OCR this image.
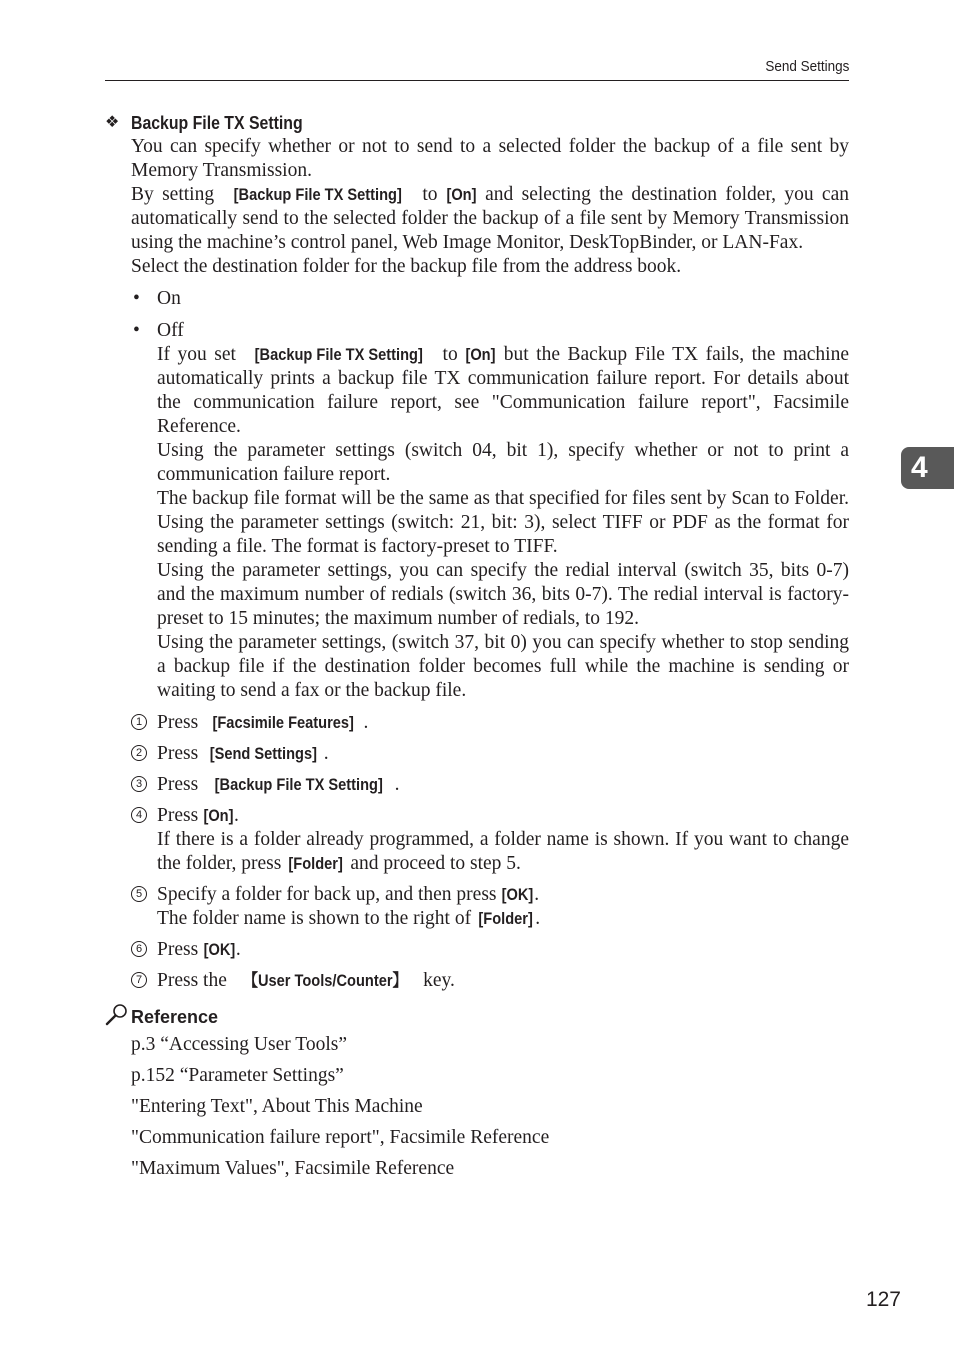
Send Settings
4
❖ Backup File TX Setting

You can specify whether or not to send to a selected folder the backup of a file sent by Memory Transmission.

By setting [Backup File TX Setting] to [On] and selecting the destination folder, you can automatically send to the selected folder the backup of a file sent by Memory Transmission using the machine’s control panel, Web Image Monitor, DeskTopBinder, or LAN-Fax.

Select the destination folder for the backup file from the address book.

• On
• Off

If you set [Backup File TX Setting] to [On] but the Backup File TX fails, the machine automatically prints a backup file TX communication failure report. For details about the communication failure report, see "Communication failure report", Facsimile Reference.

Using the parameter settings (switch 04, bit 1), specify whether or not to print a communication failure report.

The backup file format will be the same as that specified for files sent by Scan to Folder. Using the parameter settings (switch: 21, bit: 3), select TIFF or PDF as the format for sending a file. The format is factory-preset to TIFF.

Using the parameter settings, you can specify the redial interval (switch 35, bits 0-7) and the maximum number of redials (switch 36, bits 0-7). The redial interval is factory-preset to 15 minutes; the maximum number of redials, to 192.

Using the parameter settings, (switch 37, bit 0) you can specify whether to stop sending a backup file if the destination folder becomes full while the machine is sending or waiting to send a fax or the backup file.

1 Press [Facsimile Features] .
2 Press [Send Settings] .
3 Press [Backup File TX Setting] .
4 Press [On].
If there is a folder already programmed, a folder name is shown. If you want to change the folder, press [Folder] and proceed to step 5.
5 Specify a folder for back up, and then press [OK].
The folder name is shown to the right of [Folder] .
6 Press [OK].
7 Press the 【User Tools/Counter】 key.
Reference
p.3 “Accessing User Tools”
p.152 “Parameter Settings”
"Entering Text", About This Machine
"Communication failure report", Facsimile Reference
"Maximum Values", Facsimile Reference
127
